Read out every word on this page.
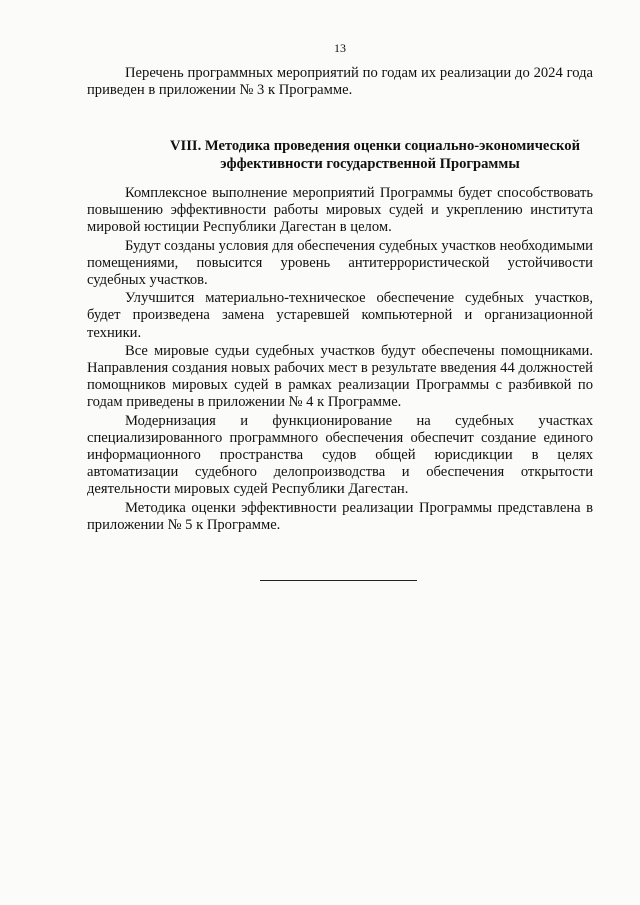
13

Перечень программных мероприятий по годам их реализации до 2024 года приведен в приложении № 3 к Программе.

VIII. Методика проведения оценки социально-экономической
эффективности государственной Программы

Комплексное выполнение мероприятий Программы будет способствовать повышению эффективности работы мировых судей и укреплению института мировой юстиции Республики Дагестан в целом.

Будут созданы условия для обеспечения судебных участков необходимыми помещениями, повысится уровень антитеррористической устойчивости судебных участков.

Улучшится материально-техническое обеспечение судебных участков, будет произведена замена устаревшей компьютерной и организационной техники.

Все мировые судьи судебных участков будут обеспечены помощниками. Направления создания новых рабочих мест в результате введения 44 должностей помощников мировых судей в рамках реализации Программы с разбивкой по годам приведены в приложении № 4 к Программе.

Модернизация и функционирование на судебных участках специализированного программного обеспечения обеспечит создание единого информационного пространства судов общей юрисдикции в целях автоматизации судебного делопроизводства и обеспечения открытости деятельности мировых судей Республики Дагестан.

Методика оценки эффективности реализации Программы представлена в приложении № 5 к Программе.
